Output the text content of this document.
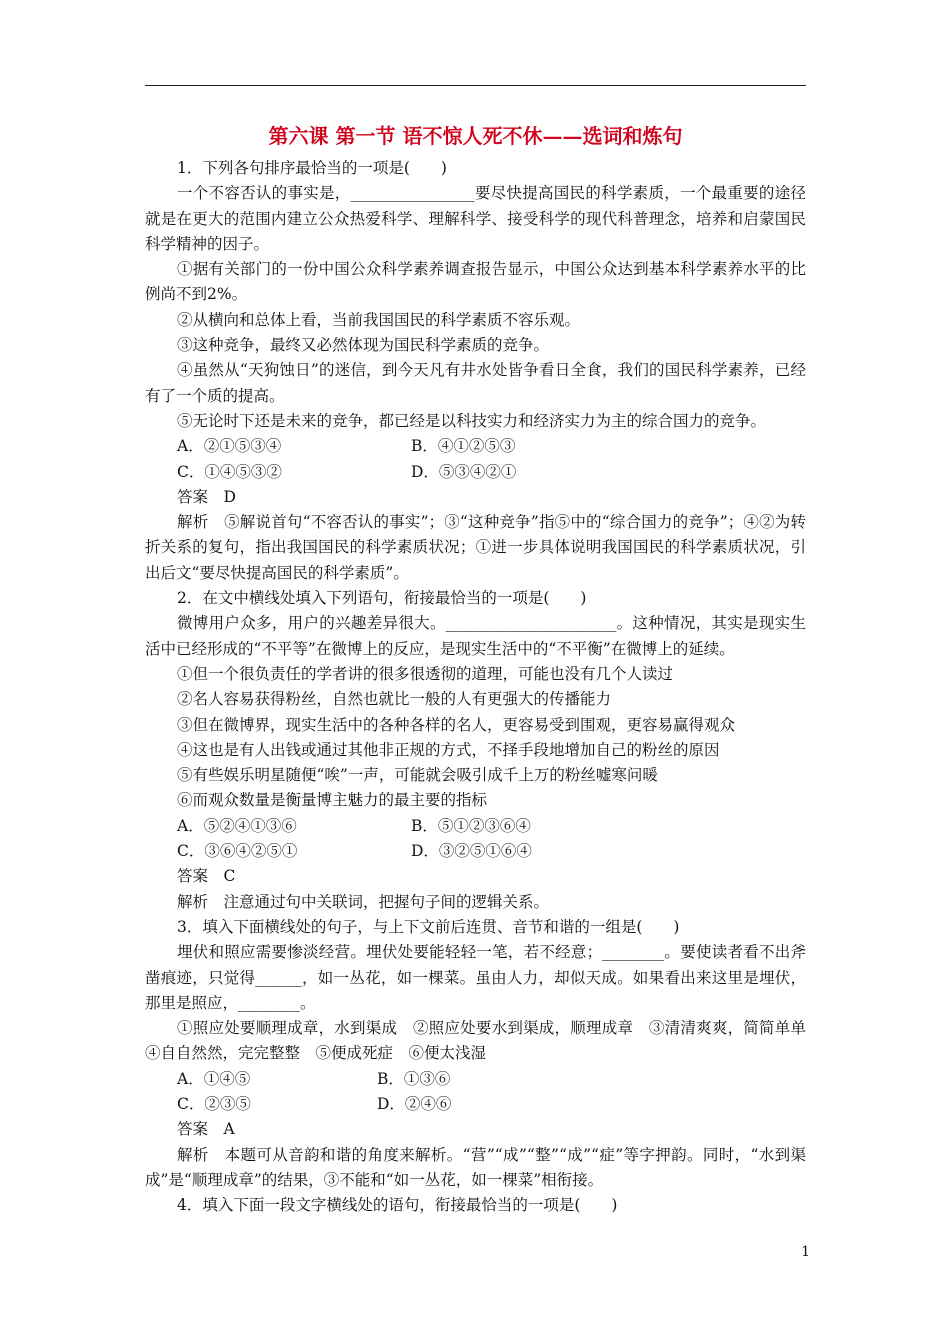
第六课 第一节 语不惊人死不休——选词和炼句

1．下列各句排序最恰当的一项是(　　)

一个不容否认的事实是，________________要尽快提高国民的科学素质，一个最重要的途径就是在更大的范围内建立公众热爱科学、理解科学、接受科学的现代科普理念，培养和启蒙国民科学精神的因子。

①据有关部门的一份中国公众科学素养调查报告显示，中国公众达到基本科学素养水平的比例尚不到2%。

②从横向和总体上看，当前我国国民的科学素质不容乐观。

③这种竞争，最终又必然体现为国民科学素质的竞争。

④虽然从“天狗蚀日”的迷信，到今天凡有井水处皆争看日全食，我们的国民科学素养，已经有了一个质的提高。

⑤无论时下还是未来的竞争，都已经是以科技实力和经济实力为主的综合国力的竞争。

A．②①⑤③④	B．④①②⑤③
C．①④⑤③②	D．⑤③④②①

答案　D

解析　⑤解说首句“不容否认的事实”；③“这种竞争”指⑤中的“综合国力的竞争”；④②为转折关系的复句，指出我国国民的科学素质状况；①进一步具体说明我国国民的科学素质状况，引出后文“要尽快提高国民的科学素质”。

2．在文中横线处填入下列语句，衔接最恰当的一项是(　　)

微博用户众多，用户的兴趣差异很大。______________________。这种情况，其实是现实生活中已经形成的“不平等”在微博上的反应，是现实生活中的“不平衡”在微博上的延续。

①但一个很负责任的学者讲的很多很透彻的道理，可能也没有几个人读过

②名人容易获得粉丝，自然也就比一般的人有更强大的传播能力

③但在微博界，现实生活中的各种各样的名人，更容易受到围观，更容易赢得观众

④这也是有人出钱或通过其他非正规的方式，不择手段地增加自己的粉丝的原因

⑤有些娱乐明星随便“唉”一声，可能就会吸引成千上万的粉丝嘘寒问暖

⑥而观众数量是衡量博主魅力的最主要的指标

A．⑤②④①③⑥	B．⑤①②③⑥④
C．③⑥④②⑤①	D．③②⑤①⑥④

答案　C

解析　注意通过句中关联词，把握句子间的逻辑关系。

3．填入下面横线处的句子，与上下文前后连贯、音节和谐的一组是(　　)

埋伏和照应需要惨淡经营。埋伏处要能轻轻一笔，若不经意；________。要使读者看不出斧凿痕迹，只觉得______，如一丛花，如一棵菜。虽由人力，却似天成。如果看出来这里是埋伏，那里是照应，________。

①照应处要顺理成章，水到渠成　②照应处要水到渠成，顺理成章　③清清爽爽，简简单单　④自自然然，完完整整　⑤便成死症　⑥便太浅湿

A．①④⑤	B．①③⑥
C．②③⑤	D．②④⑥

答案　A

解析　本题可从音韵和谐的角度来解析。“营”“成”“整”“成”“症”等字押韵。同时，“水到渠成”是“顺理成章”的结果，③不能和“如一丛花，如一棵菜”相衔接。

4．填入下面一段文字横线处的语句，衔接最恰当的一项是(　　)

1
